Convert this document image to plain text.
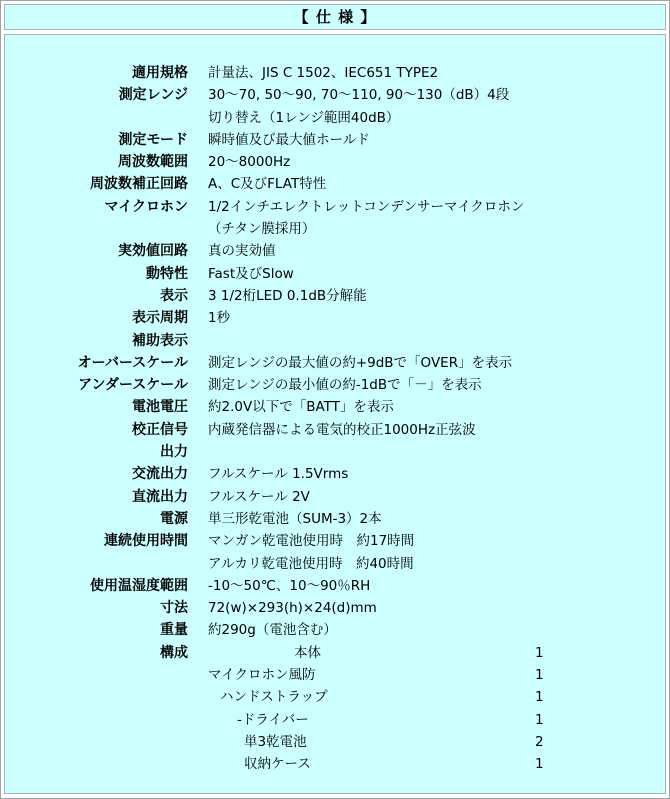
【 仕 様 】
適用規格 計量法、JIS C 1502、IEC651 TYPE2
測定レンジ 30～70, 50～90, 70～110, 90～130（dB）4段
切り替え（1レンジ範囲40dB）
測定モード 瞬時値及び最大値ホールド
周波数範囲 20～8000Hz
周波数補正回路 A、C及びFLAT特性
マイクロホン 1/2インチエレクトレットコンデンサーマイクロホン
（チタン膜採用）
実効値回路 真の実効値
動特性 Fast及びSlow
表示 3 1/2桁LED 0.1dB分解能
表示周期 1秒
補助表示
オーバースケール 測定レンジの最大値の約+9dBで「OVER」を表示
アンダースケール 測定レンジの最小値の約-1dBで「－」を表示
電池電圧 約2.0V以下で「BATT」を表示
校正信号 内蔵発信器による電気的校正1000Hz正弦波
出力
交流出力 フルスケール 1.5Vrms
直流出力 フルスケール 2V
電源 単三形乾電池（SUM-3）2本
連続使用時間 マンガン乾電池使用時　約17時間
アルカリ乾電池使用時　約40時間
使用温湿度範囲 -10～50℃、10～90％RH
寸法 72(w)×293(h)×24(d)mm
重量 約290g（電池含む）
構成	本体	1
マイクロホン風防	1
ハンドストラップ	1
-ドライバー	1
単3乾電池	2
収納ケース	1
